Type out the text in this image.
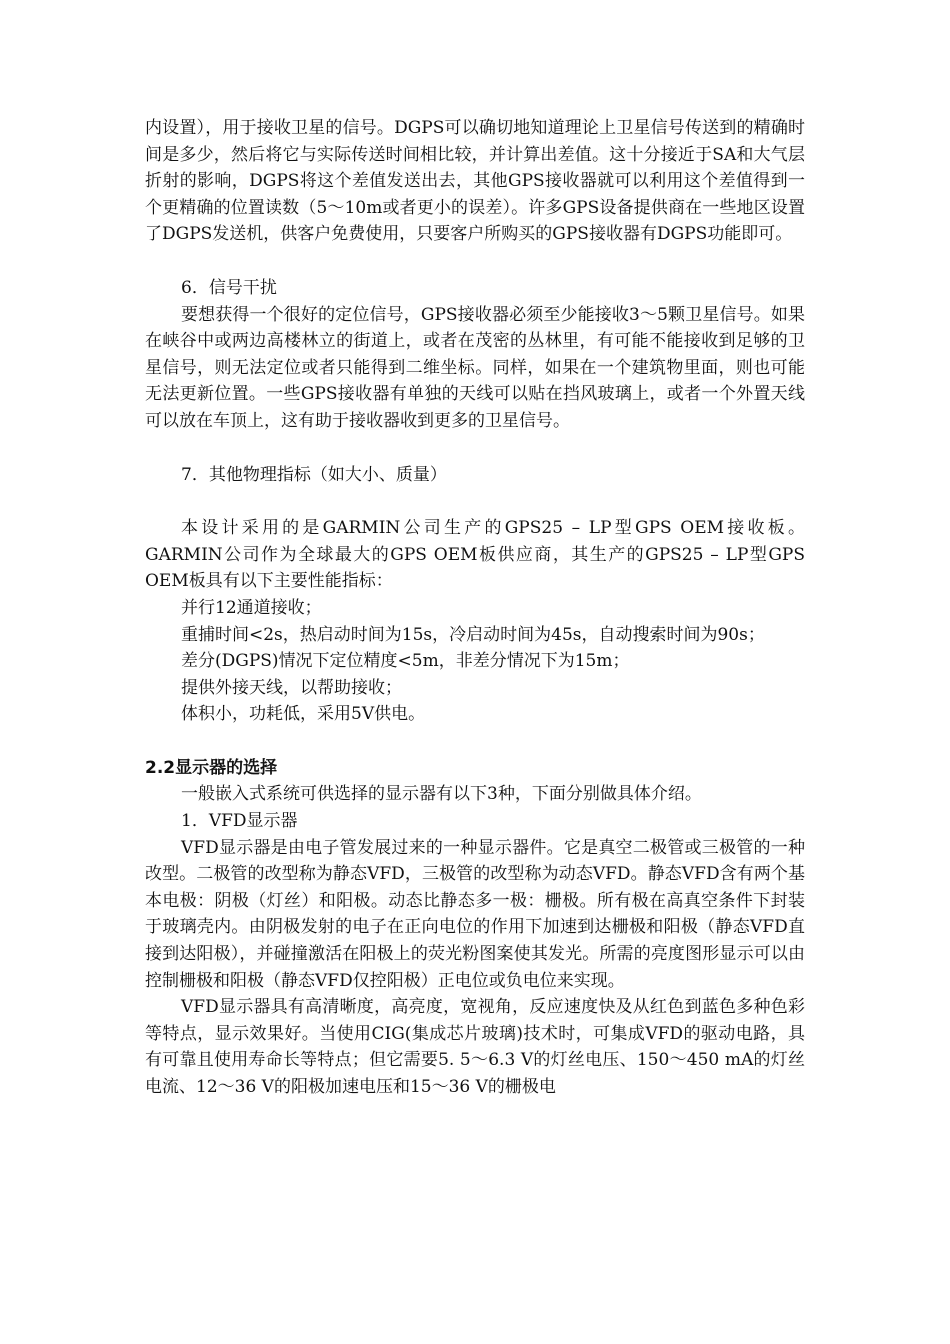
内设置），用于接收卫星的信号。DGPS可以确切地知道理论上卫星信号传送到的精确时间是多少，然后将它与实际传送时间相比较，并计算出差值。这十分接近于SA和大气层折射的影响，DGPS将这个差值发送出去，其他GPS接收器就可以利用这个差值得到一个更精确的位置读数（5～10m或者更小的误差）。许多GPS设备提供商在一些地区设置了DGPS发送机，供客户免费使用，只要客户所购买的GPS接收器有DGPS功能即可。

6．信号干扰

要想获得一个很好的定位信号，GPS接收器必须至少能接收3～5颗卫星信号。如果在峡谷中或两边高楼林立的街道上，或者在茂密的丛林里，有可能不能接收到足够的卫星信号，则无法定位或者只能得到二维坐标。同样，如果在一个建筑物里面，则也可能无法更新位置。一些GPS接收器有单独的天线可以贴在挡风玻璃上，或者一个外置天线可以放在车顶上，这有助于接收器收到更多的卫星信号。

7．其他物理指标（如大小、质量）

本设计采用的是GARMIN公司生产的GPS25 – LP型GPS OEM接收板。GARMIN公司作为全球最大的GPS OEM板供应商，其生产的GPS25 – LP型GPS OEM板具有以下主要性能指标：

并行12通道接收；

重捕时间<2s，热启动时间为15s，冷启动时间为45s，自动搜索时间为90s；

差分(DGPS)情况下定位精度<5m，非差分情况下为15m；

提供外接天线，以帮助接收；

体积小，功耗低，采用5V供电。

2.2显示器的选择

一般嵌入式系统可供选择的显示器有以下3种，下面分别做具体介绍。

1．VFD显示器

VFD显示器是由电子管发展过来的一种显示器件。它是真空二极管或三极管的一种改型。二极管的改型称为静态VFD，三极管的改型称为动态VFD。静态VFD含有两个基本电极：阴极（灯丝）和阳极。动态比静态多一极：栅极。所有极在高真空条件下封装于玻璃壳内。由阴极发射的电子在正向电位的作用下加速到达栅极和阳极（静态VFD直接到达阳极），并碰撞激活在阳极上的荧光粉图案使其发光。所需的亮度图形显示可以由控制栅极和阳极（静态VFD仅控阳极）正电位或负电位来实现。

VFD显示器具有高清晰度，高亮度，宽视角，反应速度快及从红色到蓝色多种色彩等特点，显示效果好。当使用CIG(集成芯片玻璃)技术时，可集成VFD的驱动电路，具有可靠且使用寿命长等特点；但它需要5. 5～6.3 V的灯丝电压、150～450 mA的灯丝电流、12～36 V的阳极加速电压和15～36 V的栅极电
